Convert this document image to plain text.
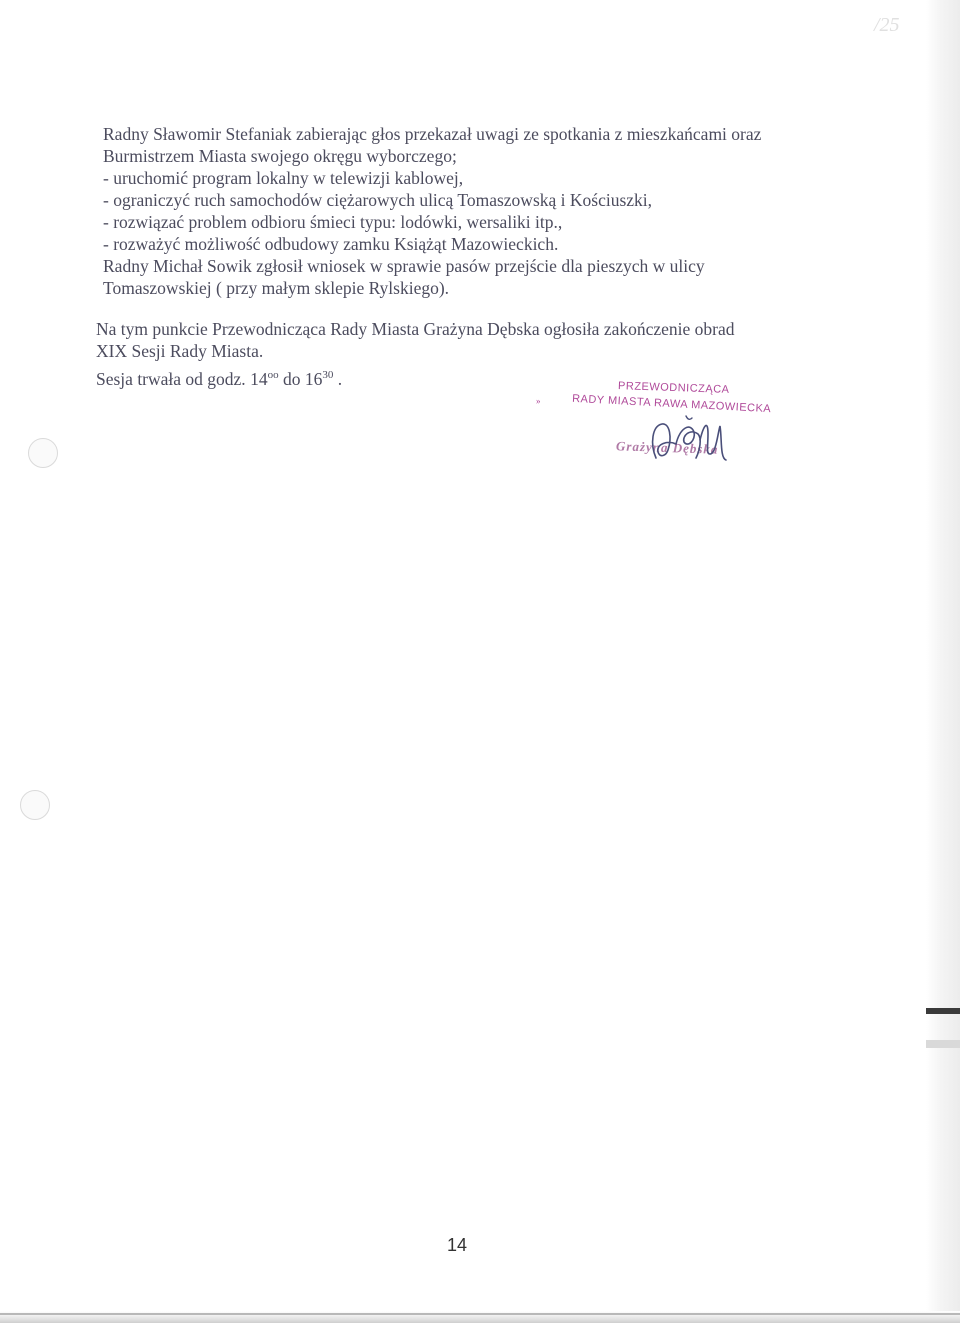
/25

Radny Sławomir Stefaniak zabierając głos przekazał uwagi ze spotkania z mieszkańcami oraz
Burmistrzem Miasta swojego okręgu wyborczego;
- uruchomić program lokalny w telewizji kablowej,
- ograniczyć ruch samochodów ciężarowych ulicą Tomaszowską i Kościuszki,
- rozwiązać problem odbioru śmieci typu: lodówki, wersaliki itp.,
- rozważyć możliwość odbudowy zamku Książąt Mazowieckich.
Radny Michał Sowik zgłosił wniosek w sprawie pasów przejście dla pieszych w ulicy
Tomaszowskiej ( przy małym sklepie Rylskiego).

Na tym punkcie Przewodnicząca Rady Miasta Grażyna Dębska ogłosiła zakończenie obrad
XIX Sesji Rady Miasta.

Sesja trwała od godz. $14^{oo}$ do $16^{30}$ .
»
PRZEWODNICZĄCA
RADY MIASTA RAWA MAZOWIECKA
Grażyna Dębska
14
